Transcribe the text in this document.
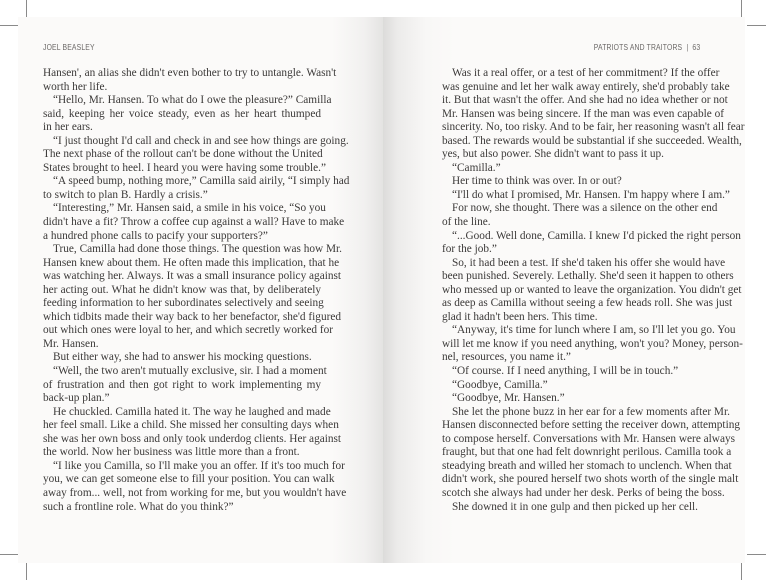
JOEL BEASLEY
Hansen', an alias she didn't even bother to try to untangle. Wasn't
worth her life.
“Hello, Mr. Hansen. To what do I owe the pleasure?” Camilla
said, keeping her voice steady, even as her heart thumped
in her ears.
“I just thought I'd call and check in and see how things are going.
The next phase of the rollout can't be done without the United
States brought to heel. I heard you were having some trouble.”
“A speed bump, nothing more,” Camilla said airily, “I simply had
to switch to plan B. Hardly a crisis.”
“Interesting,” Mr. Hansen said, a smile in his voice, “So you
didn't have a fit? Throw a coffee cup against a wall? Have to make
a hundred phone calls to pacify your supporters?”
True, Camilla had done those things. The question was how Mr.
Hansen knew about them. He often made this implication, that he
was watching her. Always. It was a small insurance policy against
her acting out. What he didn't know was that, by deliberately
feeding information to her subordinates selectively and seeing
which tidbits made their way back to her benefactor, she'd figured
out which ones were loyal to her, and which secretly worked for
Mr. Hansen.
But either way, she had to answer his mocking questions.
“Well, the two aren't mutually exclusive, sir. I had a moment
of frustration and then got right to work implementing my
back-up plan.”
He chuckled. Camilla hated it. The way he laughed and made
her feel small. Like a child. She missed her consulting days when
she was her own boss and only took underdog clients. Her against
the world. Now her business was little more than a front.
“I like you Camilla, so I'll make you an offer. If it's too much for
you, we can get someone else to fill your position. You can walk
away from... well, not from working for me, but you wouldn't have
such a frontline role. What do you think?”
PATRIOTS AND TRAITORS  |  63
Was it a real offer, or a test of her commitment? If the offer
was genuine and let her walk away entirely, she'd probably take
it. But that wasn't the offer. And she had no idea whether or not
Mr. Hansen was being sincere. If the man was even capable of
sincerity. No, too risky. And to be fair, her reasoning wasn't all fear
based. The rewards would be substantial if she succeeded. Wealth,
yes, but also power. She didn't want to pass it up.
“Camilla.”
Her time to think was over. In or out?
“I'll do what I promised, Mr. Hansen. I'm happy where I am.”
For now, she thought. There was a silence on the other end
of the line.
“...Good. Well done, Camilla. I knew I'd picked the right person
for the job.”
So, it had been a test. If she'd taken his offer she would have
been punished. Severely. Lethally. She'd seen it happen to others
who messed up or wanted to leave the organization. You didn't get
as deep as Camilla without seeing a few heads roll. She was just
glad it hadn't been hers. This time.
“Anyway, it's time for lunch where I am, so I'll let you go. You
will let me know if you need anything, won't you? Money, person-
nel, resources, you name it.”
“Of course. If I need anything, I will be in touch.”
“Goodbye, Camilla.”
“Goodbye, Mr. Hansen.”
She let the phone buzz in her ear for a few moments after Mr.
Hansen disconnected before setting the receiver down, attempting
to compose herself. Conversations with Mr. Hansen were always
fraught, but that one had felt downright perilous. Camilla took a
steadying breath and willed her stomach to unclench. When that
didn't work, she poured herself two shots worth of the single malt
scotch she always had under her desk. Perks of being the boss.
She downed it in one gulp and then picked up her cell.
